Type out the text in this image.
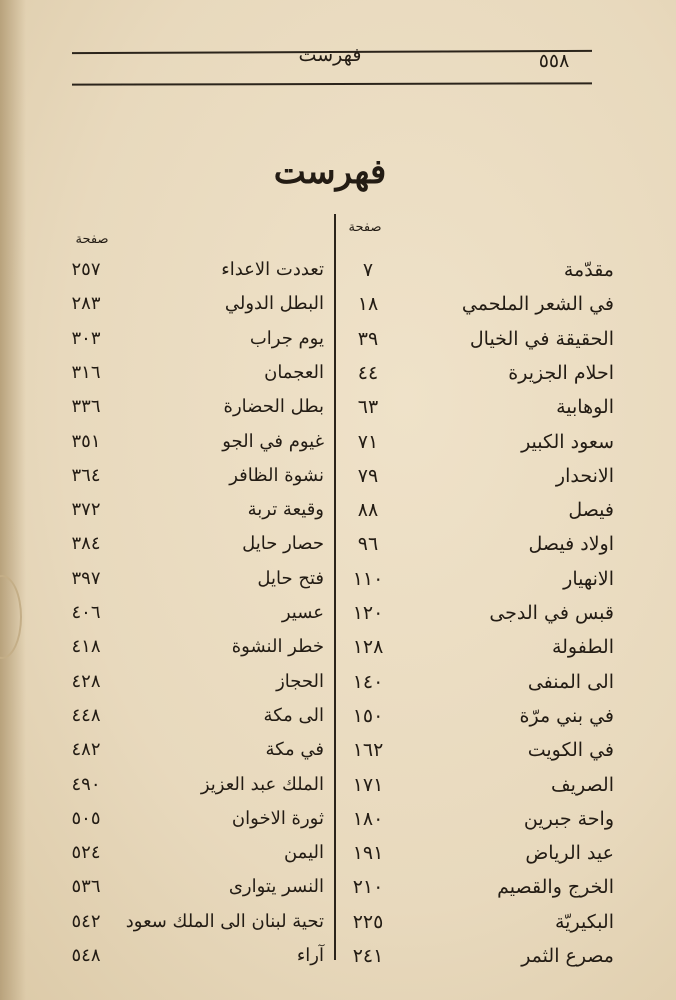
٥٥٨
فهرست
فهرست
صفحة
صفحة
مقدّمة
٧
في الشعر الملحمي
١٨
الحقيقة في الخيال
٣٩
احلام الجزيرة
٤٤
الوهابية
٦٣
سعود الكبير
٧١
الانحدار
٧٩
فيصل
٨٨
اولاد فيصل
٩٦
الانهيار
١١٠
قبس في الدجى
١٢٠
الطفولة
١٢٨
الى المنفى
١٤٠
في بني مرّة
١٥٠
في الكويت
١٦٢
الصريف
١٧١
واحة جبرين
١٨٠
عيد الرياض
١٩١
الخرج والقصيم
٢١٠
البكيريّة
٢٢٥
مصرع الثمر
٢٤١
تعددت الاعداء
٢٥٧
البطل الدولي
٢٨٣
يوم جراب
٣٠٣
العجمان
٣١٦
بطل الحضارة
٣٣٦
غيوم في الجو
٣٥١
نشوة الظافر
٣٦٤
وقيعة تربة
٣٧٢
حصار حايل
٣٨٤
فتح حايل
٣٩٧
عسير
٤٠٦
خطر النشوة
٤١٨
الحجاز
٤٢٨
الى مكة
٤٤٨
في مكة
٤٨٢
الملك عبد العزيز
٤٩٠
ثورة الاخوان
٥٠٥
اليمن
٥٢٤
النسر يتوارى
٥٣٦
تحية لبنان الى الملك سعود
٥٤٢
آراء
٥٤٨
